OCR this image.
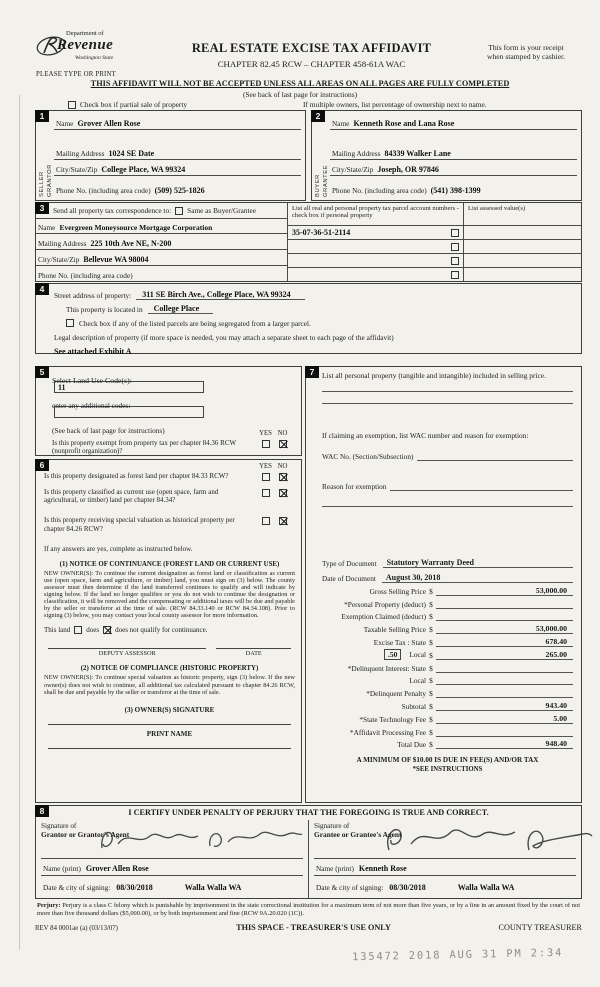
Department of
Revenue
Washington State
PLEASE TYPE OR PRINT
REAL ESTATE EXCISE TAX AFFIDAVIT
CHAPTER 82.45 RCW – CHAPTER 458-61A WAC
This form is your receipt
when stamped by cashier.
THIS AFFIDAVIT WILL NOT BE ACCEPTED UNLESS ALL AREAS ON ALL PAGES ARE FULLY COMPLETED
(See back of last page for instructions)
Check box if partial sale of property	If multiple owners, list percentage of ownership next to name.
1
SELLER GRANTOR
Name Grover Allen Rose
Mailing Address 1024 SE Date
City/State/Zip College Place, WA 99324
Phone No. (including area code) (509) 525-1826
2
BUYER GRANTEE
Name Kenneth Rose and Lana Rose
Mailing Address 84339 Walker Lane
City/State/Zip Joseph, OR 97846
Phone No. (including area code) (541) 398-1399
3	Send all property tax correspondence to: Same as Buyer/Grantee
Name Evergreen Moneysource Mortgage Corporation
Mailing Address 225 10th Ave NE, N-200
City/State/Zip Bellevue WA 98004
Phone No. (including area code)
List all real and personal property tax parcel account numbers - check box if personal property
35-07-36-51-2114
List assessed value(s)
4
Street address of property:	311 SE Birch Ave., College Place, WA 99324
This property is located in	College Place
Check box if any of the listed parcels are being segregated from a larger parcel.
Legal description of property (if more space is needed, you may attach a separate sheet to each page of the affidavit)
See attached Exhibit A
5
Select Land Use Code(s):
11
enter any additional codes:
(See back of last page for instructions)	YES NO
Is this property exempt from property tax per chapter 84.36 RCW (nonprofit organization)?
6	YES NO
Is this property designated as forest land per chapter 84.33 RCW?
Is this property classified as current use (open space, farm and agricultural, or timber) land per chapter 84.34?
Is this property receiving special valuation as historical property per chapter 84.26 RCW?
If any answers are yes, complete as instructed below.
(1) NOTICE OF CONTINUANCE (FOREST LAND OR CURRENT USE)
NEW OWNER(S): To continue the current designation as forest land or classification as current use (open space, farm and agriculture, or timber) land, you must sign on (3) below. The county assessor must then determine if the land transferred continues to qualify and will indicate by signing below. If the land no longer qualifies or you do not wish to continue the designation or classification, it will be removed and the compensating or additional taxes will be due and payable by the seller or transferor at the time of sale. (RCW 84.33.140 or RCW 84.34.108). Prior to signing (3) below, you may contact your local county assessor for more information.
This land does does not qualify for continuance.
DEPUTY ASSESSOR	DATE
(2) NOTICE OF COMPLIANCE (HISTORIC PROPERTY)
NEW OWNER(S): To continue special valuation as historic property, sign (3) below. If the new owner(s) does not wish to continue, all additional tax calculated pursuant to chapter 84.26 RCW, shall be due and payable by the seller or transferor at the time of sale.
(3) OWNER(S) SIGNATURE
PRINT NAME
7	List all personal property (tangible and intangible) included in selling price.
If claiming an exemption, list WAC number and reason for exemption:
WAC No. (Section/Subsection)
Reason for exemption
Type of Document	Statutory Warranty Deed
Date of Document	August 30, 2018
Gross Selling Price $	53,000.00
*Personal Property (deduct) $
Exemption Claimed (deduct) $
Taxable Selling Price $	53,000.00
Excise Tax : State $	678.40
.50 Local $	265.00
*Delinquent Interest: State $
Local $
*Delinquent Penalty $
Subtotal $	943.40
*State Technology Fee $	5.00
*Affidavit Processing Fee $
Total Due $	948.40
A MINIMUM OF $10.00 IS DUE IN FEE(S) AND/OR TAX
*SEE INSTRUCTIONS
8	I CERTIFY UNDER PENALTY OF PERJURY THAT THE FOREGOING IS TRUE AND CORRECT.
Signature of
Grantor or Grantor's Agent
Name (print) Grover Allen Rose
Date & city of signing: 08/30/2018	Walla Walla WA
Signature of
Grantee or Grantee's Agent
Name (print) Kenneth Rose
Date & city of signing: 08/30/2018	Walla Walla WA
Perjury: Perjury is a class C felony which is punishable by imprisonment in the state correctional institution for a maximum term of not more than five years, or by a fine in an amount fixed by the court of not more than five thousand dollars ($5,000.00), or by both imprisonment and fine (RCW 9A.20.020 (1C)).
REV 84 0001ae (a) (03/13/07)	THIS SPACE - TREASURER'S USE ONLY	COUNTY TREASURER
135472 2018 AUG 31 PM 2:34
